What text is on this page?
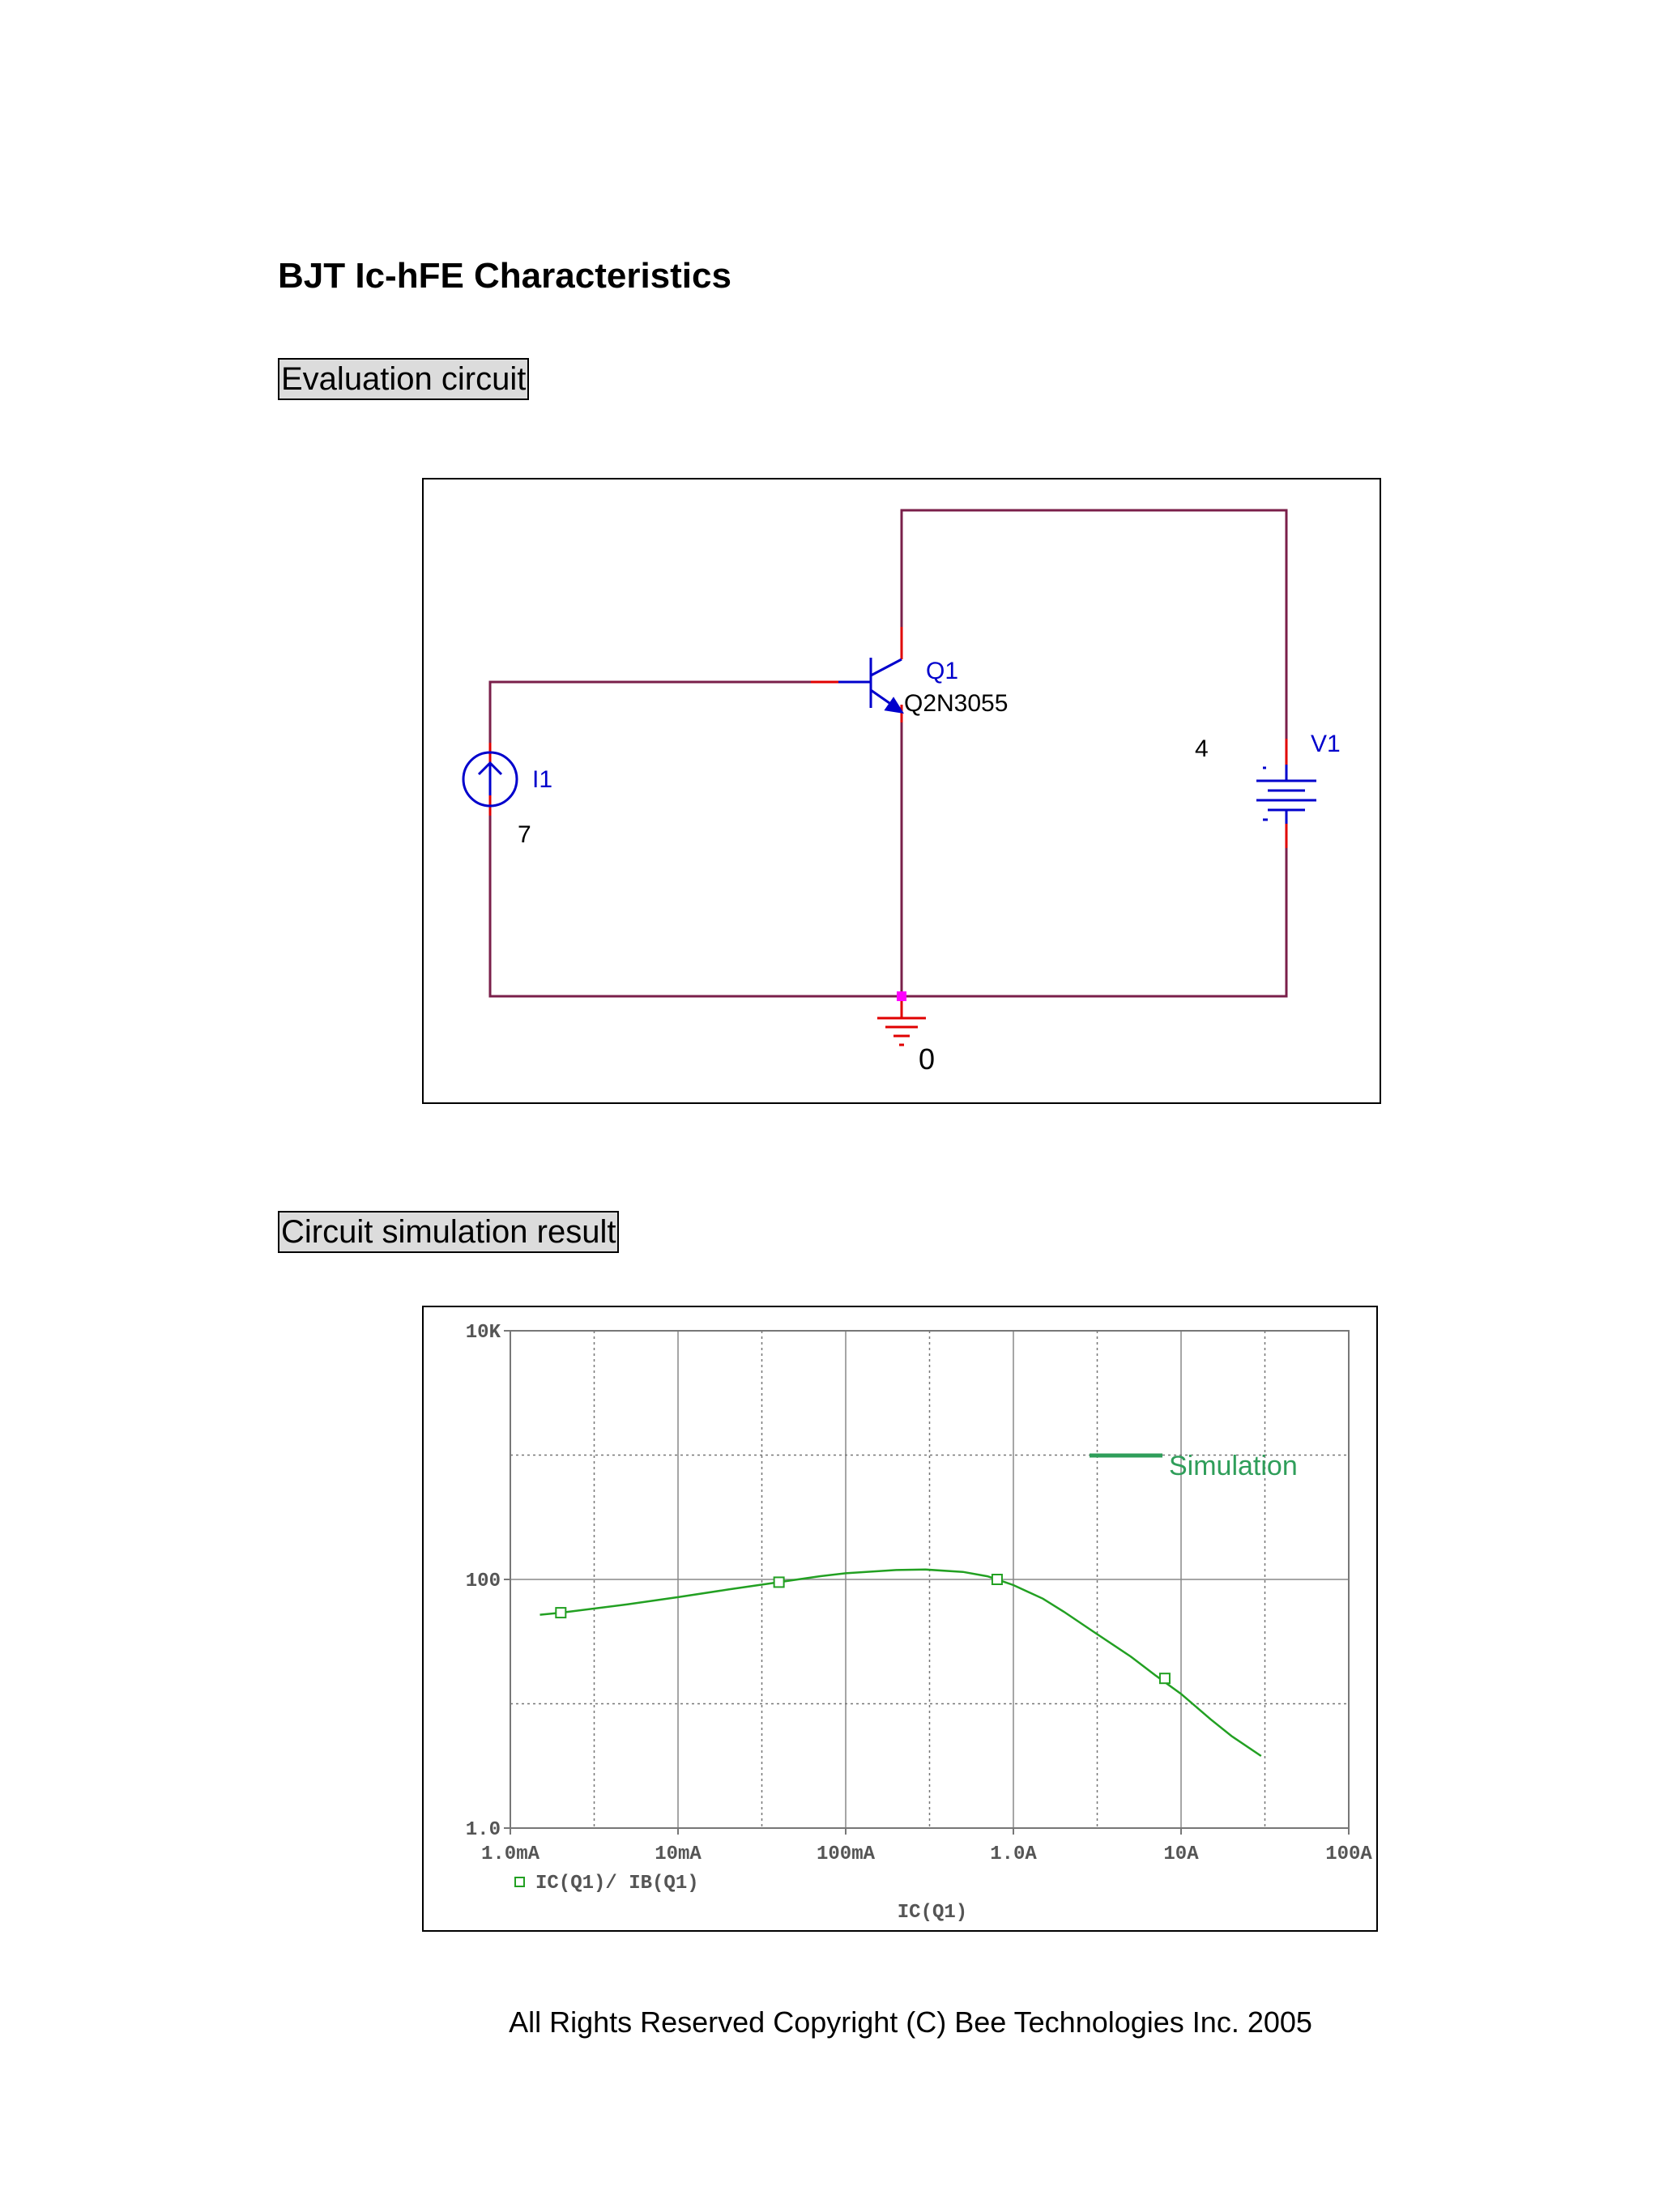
BJT Ic-hFE Characteristics
Evaluation circuit
Q1
Q2N3055
I1
7
V1
4
0
Circuit simulation result
1.0mA	10mA	100mA	1.0A	10A	100A
1.0
100
10K
Simulation
IC(Q1)/ IB(Q1)
IC(Q1)
All Rights Reserved Copyright (C) Bee Technologies Inc. 2005
